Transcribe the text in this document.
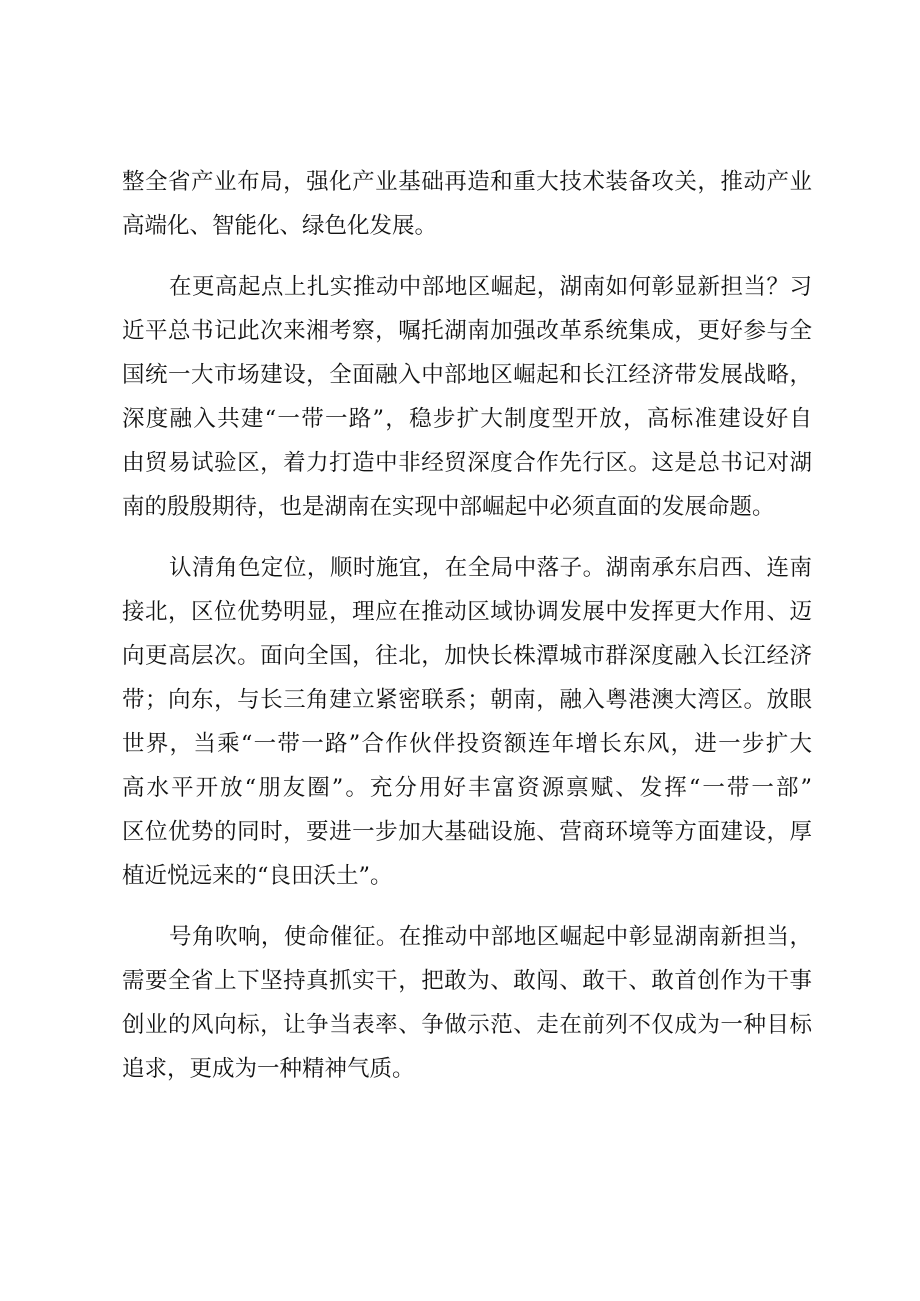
整全省产业布局，强化产业基础再造和重大技术装备攻关，推动产业
高端化、智能化、绿色化发展。
在更高起点上扎实推动中部地区崛起，湖南如何彰显新担当？习
近平总书记此次来湘考察，嘱托湖南加强改革系统集成，更好参与全
国统一大市场建设，全面融入中部地区崛起和长江经济带发展战略，
深度融入共建“一带一路”，稳步扩大制度型开放，高标准建设好自
由贸易试验区，着力打造中非经贸深度合作先行区。这是总书记对湖
南的殷殷期待，也是湖南在实现中部崛起中必须直面的发展命题。
认清角色定位，顺时施宜，在全局中落子。湖南承东启西、连南
接北，区位优势明显，理应在推动区域协调发展中发挥更大作用、迈
向更高层次。面向全国，往北，加快长株潭城市群深度融入长江经济
带；向东，与长三角建立紧密联系；朝南，融入粤港澳大湾区。放眼
世界，当乘“一带一路”合作伙伴投资额连年增长东风，进一步扩大
高水平开放“朋友圈”。充分用好丰富资源禀赋、发挥“一带一部”
区位优势的同时，要进一步加大基础设施、营商环境等方面建设，厚
植近悦远来的“良田沃土”。
号角吹响，使命催征。在推动中部地区崛起中彰显湖南新担当，
需要全省上下坚持真抓实干，把敢为、敢闯、敢干、敢首创作为干事
创业的风向标，让争当表率、争做示范、走在前列不仅成为一种目标
追求，更成为一种精神气质。
